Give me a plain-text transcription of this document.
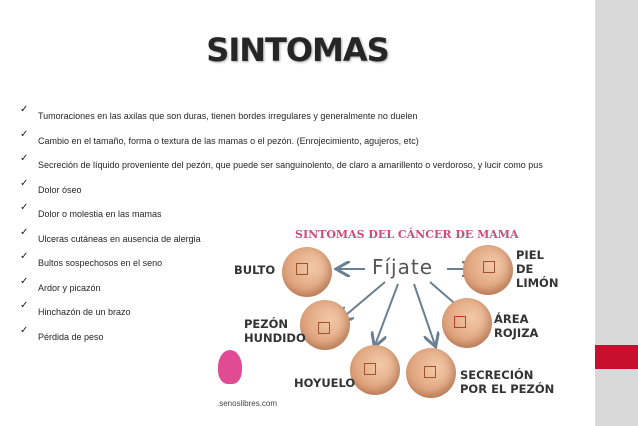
SINTOMAS
✓
Tumoraciones en las axilas que son duras, tienen bordes irregulares y generalmente no duelen
✓
Cambio en el tamaño, forma o textura de las mamas o el pezón. (Enrojecimiento, agujeros, etc)
✓
Secreción de líquido proveniente del pezón, que puede ser sanguinolento, de claro a amarillento o verdoroso, y lucir como pus
✓
Dolor óseo
✓
Dolor o molestia en las mamas
✓
Ulceras cutáneas en ausencia de alergia
✓
Bultos sospechosos en el seno
✓
Ardor y picazón
✓
Hinchazón de un brazo
✓
Pérdida de peso
SINTOMAS DEL CÁNCER DE MAMA
Fíjate
BULTO
PIEL
DE
LIMÓN
PEZÓN
HUNDIDO
ÁREA
ROJIZA
HOYUELO
SECRECIÓN
POR EL PEZÓN
.senoslibres.com
